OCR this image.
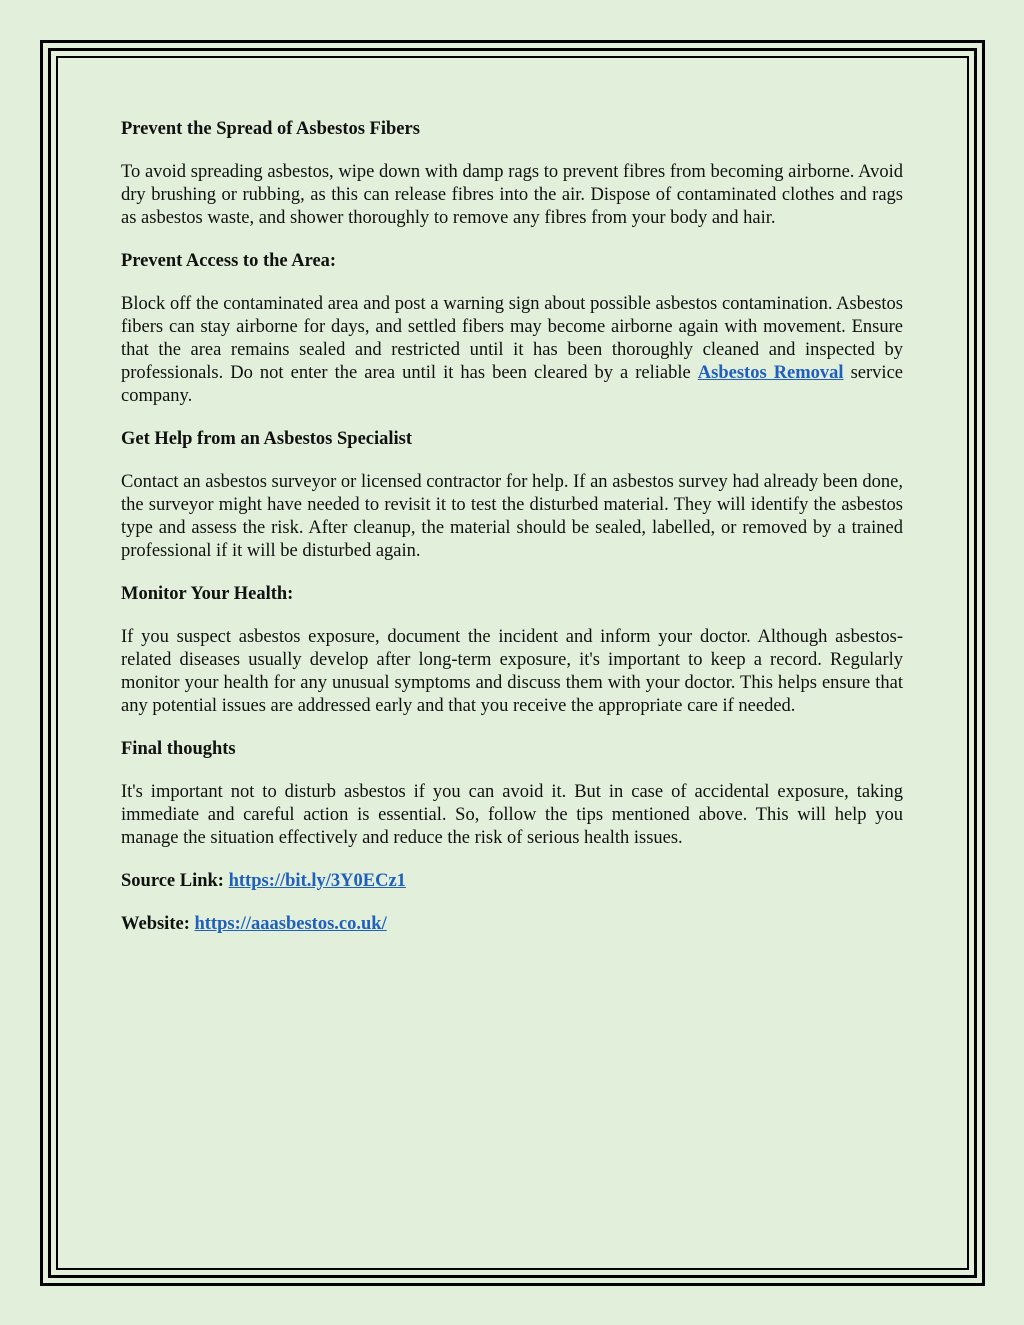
Prevent the Spread of Asbestos Fibers

To avoid spreading asbestos, wipe down with damp rags to prevent fibres from becoming airborne. Avoid dry brushing or rubbing, as this can release fibres into the air. Dispose of contaminated clothes and rags as asbestos waste, and shower thoroughly to remove any fibres from your body and hair.

Prevent Access to the Area:

Block off the contaminated area and post a warning sign about possible asbestos contamination. Asbestos fibers can stay airborne for days, and settled fibers may become airborne again with movement. Ensure that the area remains sealed and restricted until it has been thoroughly cleaned and inspected by professionals. Do not enter the area until it has been cleared by a reliable Asbestos Removal service company.

Get Help from an Asbestos Specialist

Contact an asbestos surveyor or licensed contractor for help. If an asbestos survey had already been done, the surveyor might have needed to revisit it to test the disturbed material. They will identify the asbestos type and assess the risk. After cleanup, the material should be sealed, labelled, or removed by a trained professional if it will be disturbed again.

Monitor Your Health:

If you suspect asbestos exposure, document the incident and inform your doctor. Although asbestos-related diseases usually develop after long-term exposure, it's important to keep a record. Regularly monitor your health for any unusual symptoms and discuss them with your doctor. This helps ensure that any potential issues are addressed early and that you receive the appropriate care if needed.

Final thoughts

It's important not to disturb asbestos if you can avoid it. But in case of accidental exposure, taking immediate and careful action is essential. So, follow the tips mentioned above. This will help you manage the situation effectively and reduce the risk of serious health issues.

Source Link: https://bit.ly/3Y0ECz1
Website: https://aaasbestos.co.uk/
